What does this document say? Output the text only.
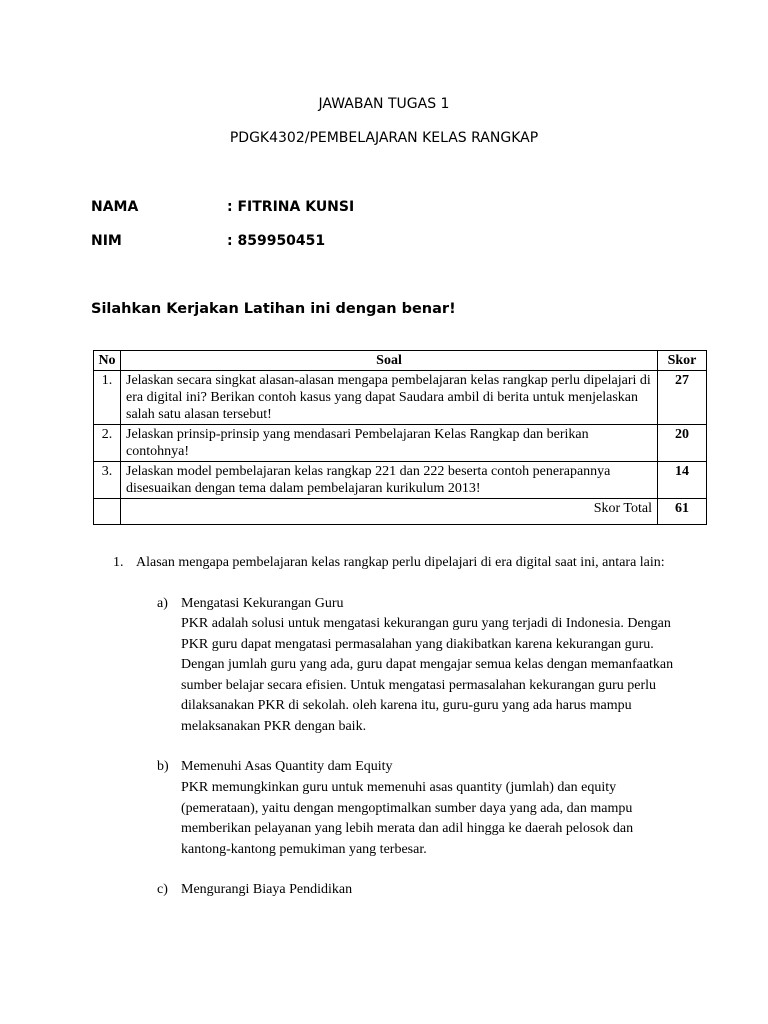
JAWABAN TUGAS 1
PDGK4302/PEMBELAJARAN KELAS RANGKAP
NAMA	: FITRINA KUNSI
NIM	: 859950451
Silahkan Kerjakan Latihan ini dengan benar!
No	Soal	Skor
1.	Jelaskan secara singkat alasan-alasan mengapa pembelajaran kelas rangkap perlu dipelajari di era digital ini? Berikan contoh kasus yang dapat Saudara ambil di berita untuk menjelaskan salah satu alasan tersebut!	27
2.	Jelaskan prinsip-prinsip yang mendasari Pembelajaran Kelas Rangkap dan berikan contohnya!	20
3.	Jelaskan model pembelajaran kelas rangkap 221 dan 222 beserta contoh penerapannya disesuaikan dengan tema dalam pembelajaran kurikulum 2013!	14
	Skor Total	61
1. Alasan mengapa pembelajaran kelas rangkap perlu dipelajari di era digital saat ini, antara lain:
a) Mengatasi Kekurangan Guru
PKR adalah solusi untuk mengatasi kekurangan guru yang terjadi di Indonesia. Dengan PKR guru dapat mengatasi permasalahan yang diakibatkan karena kekurangan guru. Dengan jumlah guru yang ada, guru dapat mengajar semua kelas dengan memanfaatkan sumber belajar secara efisien. Untuk mengatasi permasalahan kekurangan guru perlu dilaksanakan PKR di sekolah. oleh karena itu, guru-guru yang ada harus mampu melaksanakan PKR dengan baik.
b) Memenuhi Asas Quantity dam Equity
PKR memungkinkan guru untuk memenuhi asas quantity (jumlah) dan equity (pemerataan), yaitu dengan mengoptimalkan sumber daya yang ada, dan mampu memberikan pelayanan yang lebih merata dan adil hingga ke daerah pelosok dan kantong-kantong pemukiman yang terbesar.
c) Mengurangi Biaya Pendidikan
